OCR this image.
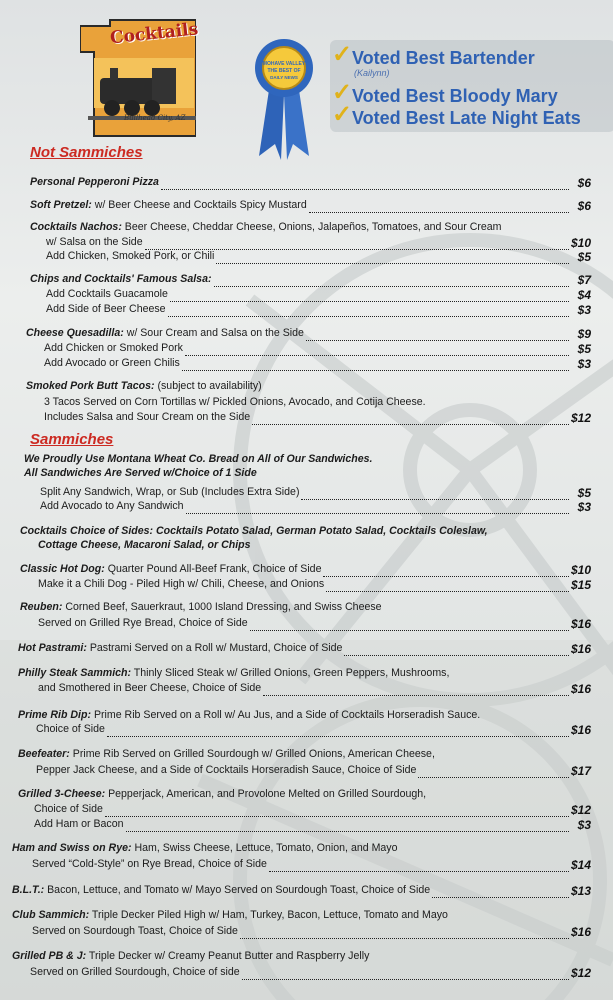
Cocktails
Bullhead City, AZ
MOHAVE VALLEY
THE BEST OF
DAILY NEWS
✓ Voted Best Bartender
(Kailynn)
✓ Voted Best Bloody Mary
✓ Voted Best Late Night Eats
Not Sammiches
Sammiches
We Proudly Use Montana Wheat Co. Bread on All of Our Sandwiches.
All Sandwiches Are Served w/Choice of 1 Side
Cocktails Choice of Sides: Cocktails Potato Salad, German Potato Salad, Cocktails Coleslaw,
Cottage Cheese, Macaroni Salad, or Chips
Personal Pepperoni Pizza	$6
Soft Pretzel: w/ Beer Cheese and Cocktails Spicy Mustard	$6
Cocktails Nachos: Beer Cheese, Cheddar Cheese, Onions, Jalapeños, Tomatoes, and Sour Cream
w/ Salsa on the Side	$10
Add Chicken, Smoked Pork, or Chili	$5
Chips and Cocktails' Famous Salsa:	$7
Add Cocktails Guacamole	$4
Add Side of Beer Cheese	$3
Cheese Quesadilla: w/ Sour Cream and Salsa on the Side	$9
Add Chicken or Smoked Pork	$5
Add Avocado or Green Chilis	$3
Smoked Pork Butt Tacos: (subject to availability)
3 Tacos Served on Corn Tortillas w/ Pickled Onions, Avocado, and Cotija Cheese.
Includes Salsa and Sour Cream on the Side	$12
Split Any Sandwich, Wrap, or Sub (Includes Extra Side)	$5
Add Avocado to Any Sandwich	$3
Classic Hot Dog: Quarter Pound All-Beef Frank, Choice of Side	$10
Make it a Chili Dog - Piled High w/ Chili, Cheese, and Onions	$15
Reuben: Corned Beef, Sauerkraut, 1000 Island Dressing, and Swiss Cheese
Served on Grilled Rye Bread, Choice of Side	$16
Hot Pastrami: Pastrami Served on a Roll w/ Mustard, Choice of Side	$16
Philly Steak Sammich: Thinly Sliced Steak w/ Grilled Onions, Green Peppers, Mushrooms,
and Smothered in Beer Cheese, Choice of Side	$16
Prime Rib Dip: Prime Rib Served on a Roll w/ Au Jus, and a Side of Cocktails Horseradish Sauce.
Choice of Side	$16
Beefeater: Prime Rib Served on Grilled Sourdough w/ Grilled Onions, American Cheese,
Pepper Jack Cheese, and a Side of Cocktails Horseradish Sauce, Choice of Side	$17
Grilled 3-Cheese: Pepperjack, American, and Provolone Melted on Grilled Sourdough,
Choice of Side	$12
Add Ham or Bacon	$3
Ham and Swiss on Rye: Ham, Swiss Cheese, Lettuce, Tomato, Onion, and Mayo
Served “Cold-Style” on Rye Bread, Choice of Side	$14
B.L.T.: Bacon, Lettuce, and Tomato w/ Mayo Served on Sourdough Toast, Choice of Side	$13
Club Sammich: Triple Decker Piled High w/ Ham, Turkey, Bacon, Lettuce, Tomato and Mayo
Served on Sourdough Toast, Choice of Side	$16
Grilled PB & J: Triple Decker w/ Creamy Peanut Butter and Raspberry Jelly
Served on Grilled Sourdough, Choice of side	$12
